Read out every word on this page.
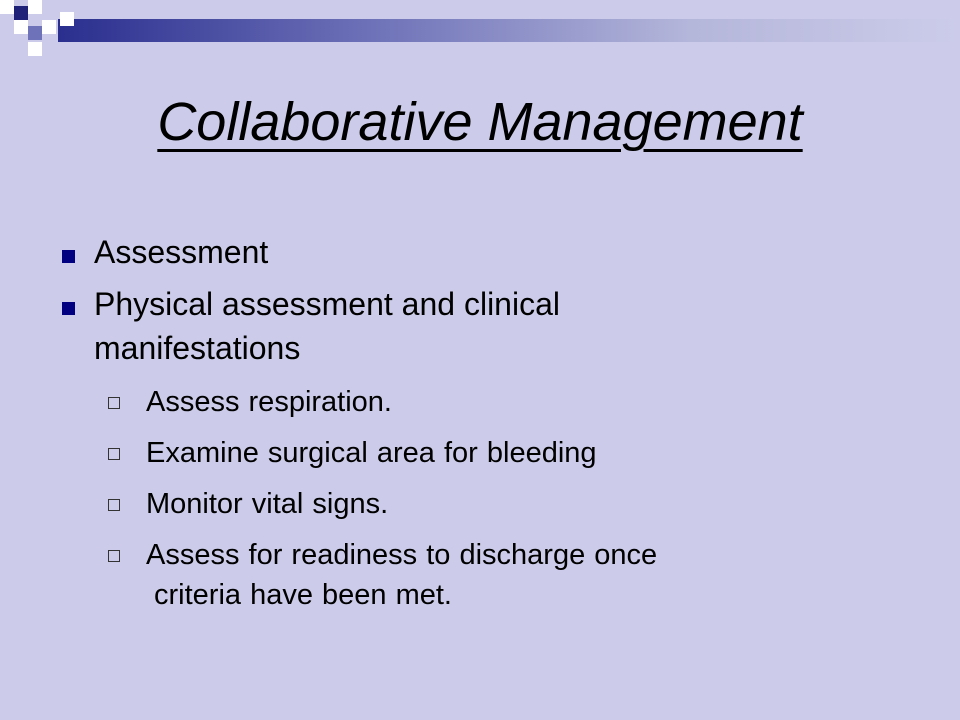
Collaborative Management
Assessment
Physical assessment and clinical
manifestations
Assess respiration.
Examine surgical area for bleeding
Monitor vital signs.
Assess for readiness to discharge once
criteria have been met.
